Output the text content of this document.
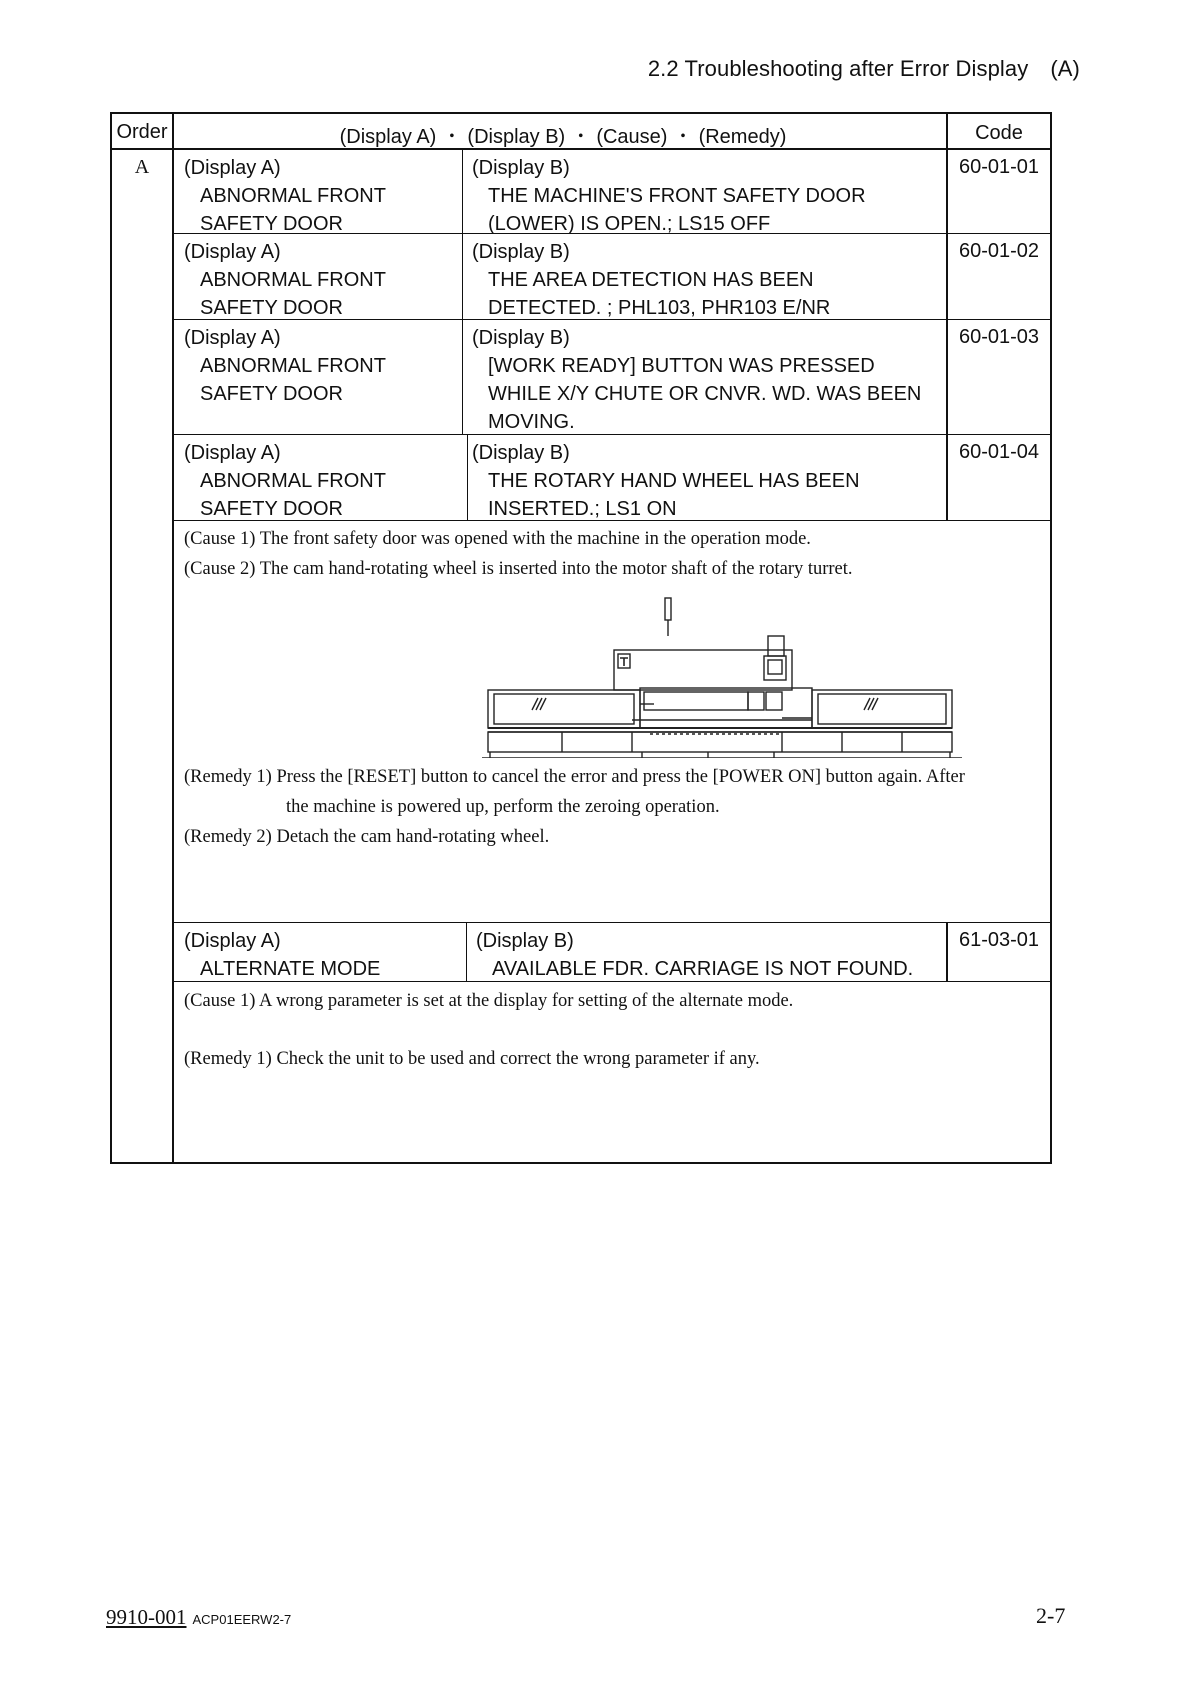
2.2 Troubleshooting after Error Display (A)
Order	(Display A) ・ (Display B) ・ (Cause) ・ (Remedy)	Code
A	(Display A)
ABNORMAL FRONT
SAFETY DOOR
(Display B)
THE MACHINE'S FRONT SAFETY DOOR
(LOWER) IS OPEN.; LS15 OFF
60-01-01
(Display A)
ABNORMAL FRONT
SAFETY DOOR
(Display B)
THE AREA DETECTION HAS BEEN
DETECTED. ; PHL103, PHR103 E/NR
60-01-02
(Display A)
ABNORMAL FRONT
SAFETY DOOR
(Display B)
[WORK READY] BUTTON WAS PRESSED
WHILE X/Y CHUTE OR CNVR. WD. WAS BEEN
MOVING.
60-01-03
(Display A)
ABNORMAL FRONT
SAFETY DOOR
(Display B)
THE ROTARY HAND WHEEL HAS BEEN
INSERTED.; LS1 ON
60-01-04
(Cause 1) The front safety door was opened with the machine in the operation mode.
(Cause 2) The cam hand-rotating wheel is inserted into the motor shaft of the rotary turret.
(Remedy 1) Press the [RESET] button to cancel the error and press the [POWER ON] button again. After
the machine is powered up, perform the zeroing operation.
(Remedy 2) Detach the cam hand-rotating wheel.
(Display A)
ALTERNATE MODE
(Display B)
AVAILABLE FDR. CARRIAGE IS NOT FOUND.
61-03-01
(Cause 1) A wrong parameter is set at the display for setting of the alternate mode.
(Remedy 1) Check the unit to be used and correct the wrong parameter if any.
9910-001 ACP01EERW2-7	2-7
